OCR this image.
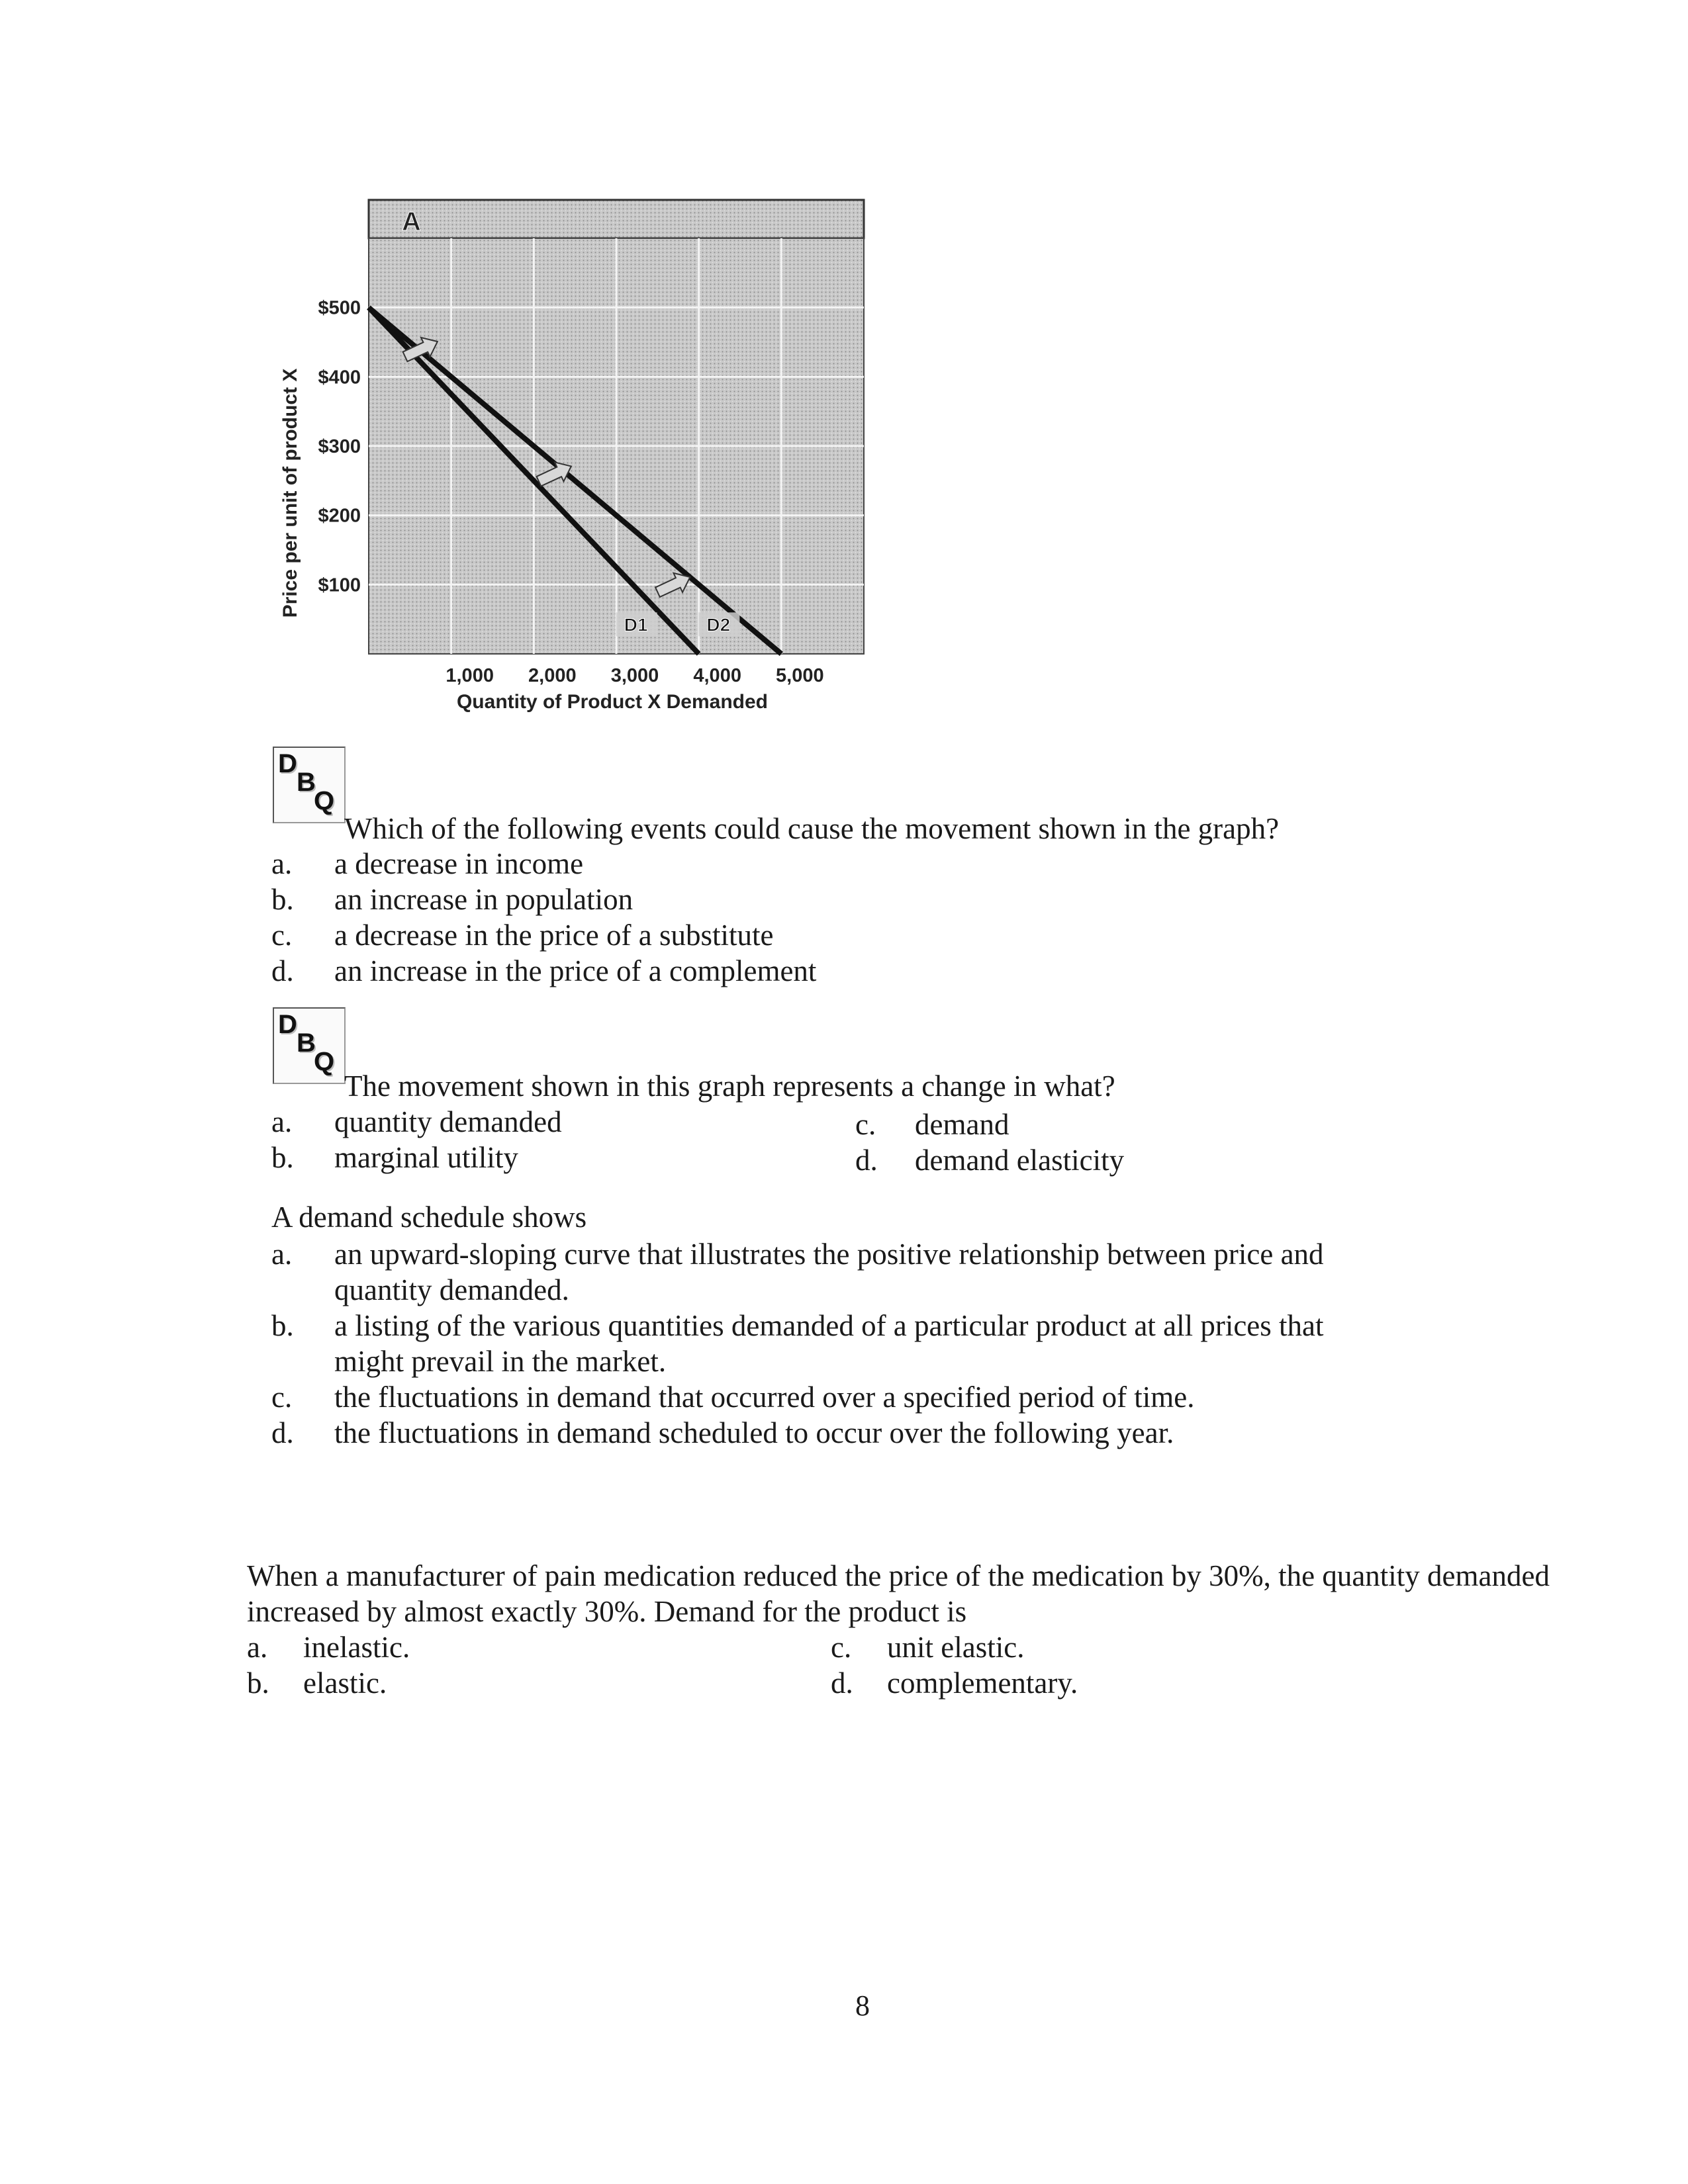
A
$500
$400
$300
$200
$100
1,000 2,000 3,000 4,000 5,000
D1	D2
Price per unit of product X
Quantity of Product X Demanded
D
B
Q
Which of the following events could cause the movement shown in the graph?
a. a decrease in income
b. an increase in population
c. a decrease in the price of a substitute
d. an increase in the price of a complement
D
B
Q
The movement shown in this graph represents a change in what?
a. quantity demanded
b. marginal utility
c. demand
d. demand elasticity
A demand schedule shows
a. an upward-sloping curve that illustrates the positive relationship between price and quantity demanded.
b. a listing of the various quantities demanded of a particular product at all prices that might prevail in the market.
c. the fluctuations in demand that occurred over a specified period of time.
d. the fluctuations in demand scheduled to occur over the following year.
When a manufacturer of pain medication reduced the price of the medication by 30%, the quantity demanded
increased by almost exactly 30%. Demand for the product is
a. inelastic.
b. elastic.
c. unit elastic.
d. complementary.
8
